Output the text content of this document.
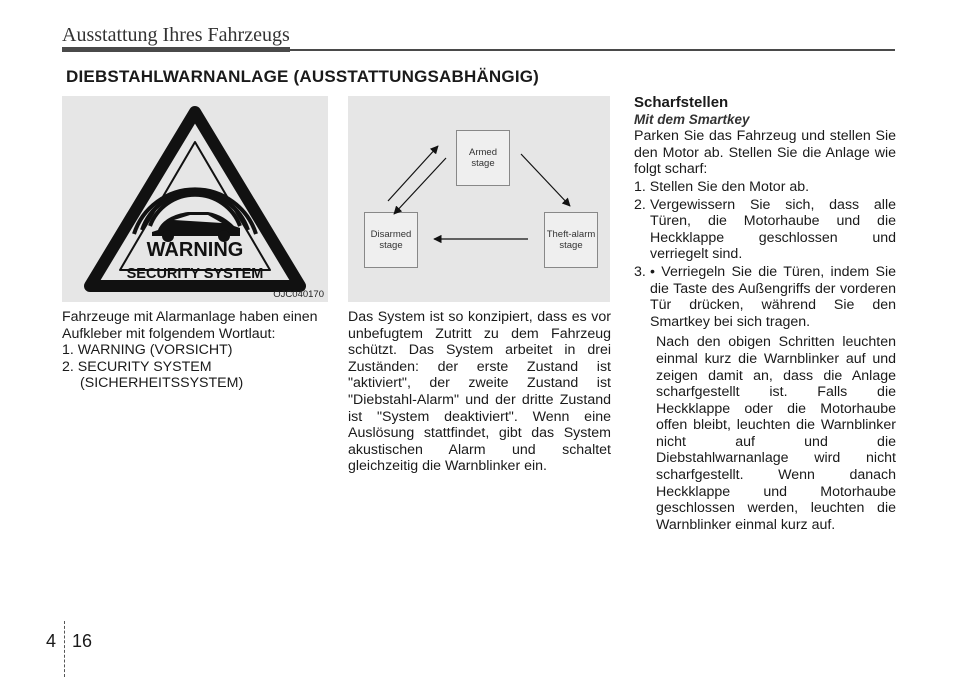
Ausstattung Ihres Fahrzeugs
DIEBSTAHLWARNANLAGE (AUSSTATTUNGSABHÄNGIG)
WARNING
SECURITY SYSTEM
OJC040170
Armed
stage
Disarmed
stage
Theft-alarm
stage

Fahrzeuge mit Alarmanlage haben einen Aufkleber mit folgendem Wortlaut:

1. WARNING (VORSICHT)

2. SECURITY SYSTEM

(SICHERHEITSSYSTEM)

Das System ist so konzipiert, dass es vor unbefugtem Zutritt zu dem Fahrzeug schützt. Das System arbeitet in drei Zuständen: der erste Zustand ist "aktiviert", der zweite Zustand ist "Diebstahl-Alarm" und der dritte Zustand ist "System deaktiviert". Wenn eine Auslösung stattfindet, gibt das System akustischen Alarm und schaltet gleichzeitig die Warnblinker ein.

Scharfstellen

Mit dem Smartkey

Parken Sie das Fahrzeug und stellen Sie den Motor ab. Stellen Sie die Anlage wie folgt scharf:

1. Stellen Sie den Motor ab.

2. Vergewissern Sie sich, dass alle Türen, die Motorhaube und die Heckklappe geschlossen und verriegelt sind.
3. • Verriegeln Sie die Türen, indem Sie die Taste des Außengriffs der vorderen Tür drücken, während Sie den Smartkey bei sich tragen.

Nach den obigen Schritten leuchten einmal kurz die Warnblinker auf und zeigen damit an, dass die Anlage scharfgestellt ist. Falls die Heckklappe oder die Motorhaube offen bleibt, leuchten die Warnblinker nicht auf und die Diebstahlwarnanlage wird nicht scharfgestellt. Wenn danach Heckklappe und Motorhaube geschlossen werden, leuchten die Warnblinker einmal kurz auf.

4 16
